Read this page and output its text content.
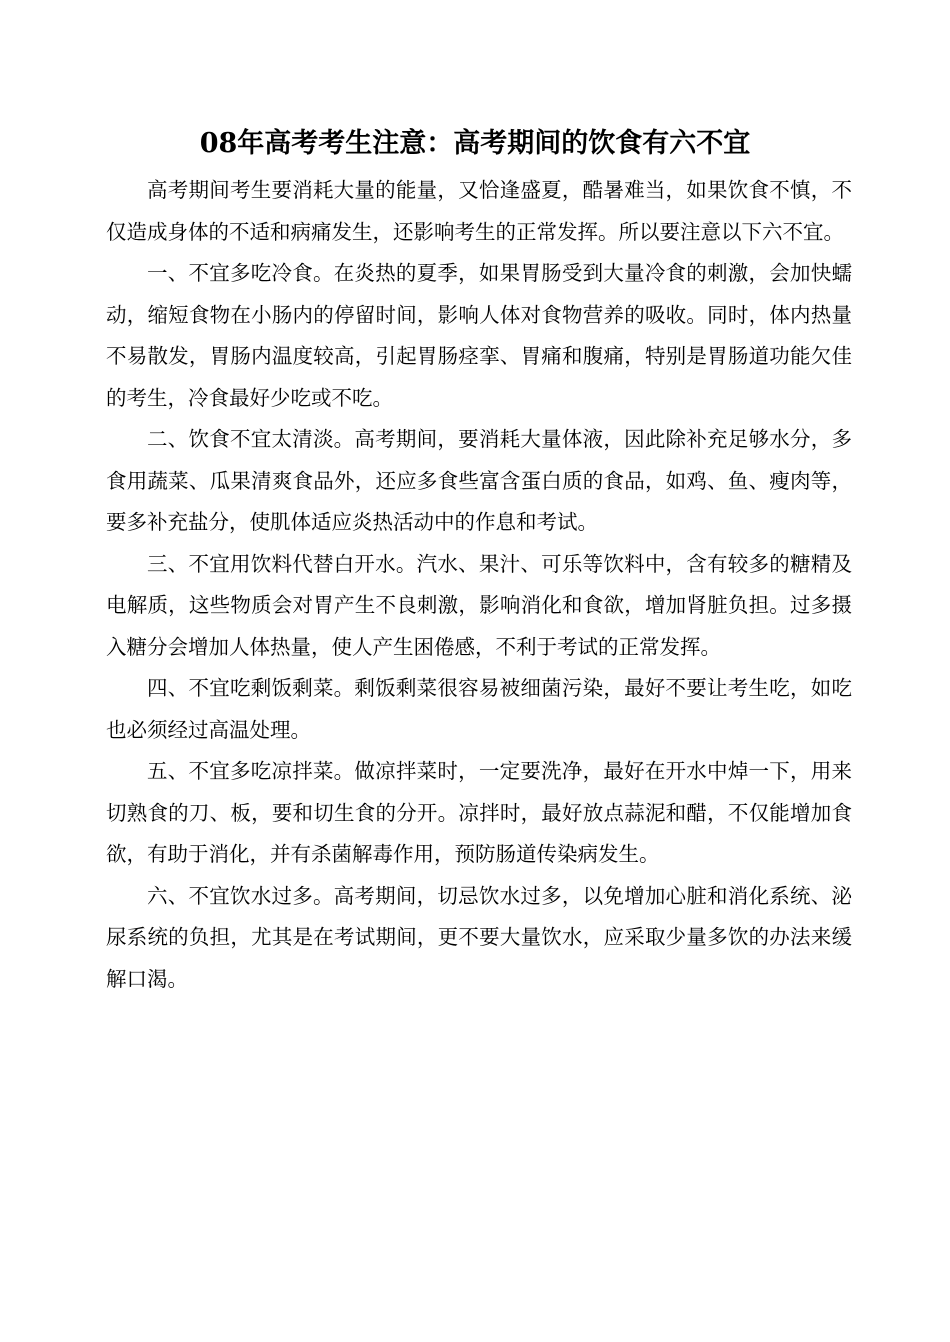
08年高考考生注意：高考期间的饮食有六不宜

高考期间考生要消耗大量的能量，又恰逢盛夏，酷暑难当，如果饮食不慎，不仅造成身体的不适和病痛发生，还影响考生的正常发挥。所以要注意以下六不宜。

一、不宜多吃冷食。在炎热的夏季，如果胃肠受到大量冷食的刺激，会加快蠕动，缩短食物在小肠内的停留时间，影响人体对食物营养的吸收。同时，体内热量不易散发，胃肠内温度较高，引起胃肠痉挛、胃痛和腹痛，特别是胃肠道功能欠佳的考生，冷食最好少吃或不吃。

二、饮食不宜太清淡。高考期间，要消耗大量体液，因此除补充足够水分，多食用蔬菜、瓜果清爽食品外，还应多食些富含蛋白质的食品，如鸡、鱼、瘦肉等，要多补充盐分，使肌体适应炎热活动中的作息和考试。

三、不宜用饮料代替白开水。汽水、果汁、可乐等饮料中，含有较多的糖精及电解质，这些物质会对胃产生不良刺激，影响消化和食欲，增加肾脏负担。过多摄入糖分会增加人体热量，使人产生困倦感，不利于考试的正常发挥。

四、不宜吃剩饭剩菜。剩饭剩菜很容易被细菌污染，最好不要让考生吃，如吃也必须经过高温处理。

五、不宜多吃凉拌菜。做凉拌菜时，一定要洗净，最好在开水中焯一下，用来切熟食的刀、板，要和切生食的分开。凉拌时，最好放点蒜泥和醋，不仅能增加食欲，有助于消化，并有杀菌解毒作用，预防肠道传染病发生。

六、不宜饮水过多。高考期间，切忌饮水过多，以免增加心脏和消化系统、泌尿系统的负担，尤其是在考试期间，更不要大量饮水，应采取少量多饮的办法来缓解口渴。
